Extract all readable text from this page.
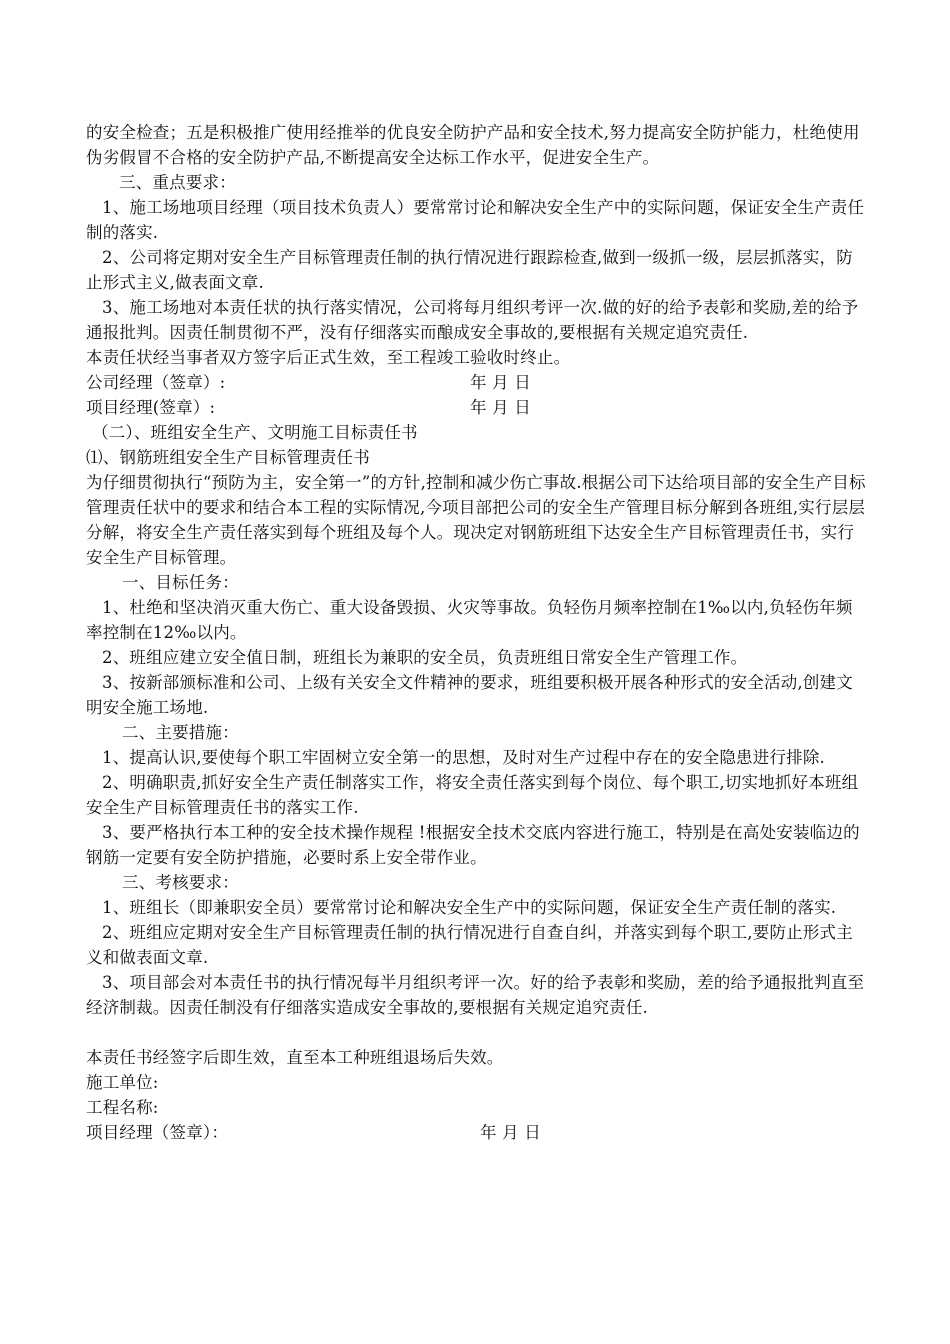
的安全检查；五是积极推广使用经推举的优良安全防护产品和安全技术,努力提高安全防护能力，杜绝使用伪劣假冒不合格的安全防护产品,不断提高安全达标工作水平，促进安全生产。

三、重点要求：

1、施工场地项目经理（项目技术负责人）要常常讨论和解决安全生产中的实际问题，保证安全生产责任制的落实.

2、公司将定期对安全生产目标管理责任制的执行情况进行跟踪检查,做到一级抓一级，层层抓落实，防止形式主义,做表面文章.

3、施工场地对本责任状的执行落实情况，公司将每月组织考评一次.做的好的给予表彰和奖励,差的给予通报批判。因责任制贯彻不严，没有仔细落实而酿成安全事故的,要根据有关规定追究责任.

本责任状经当事者双方签字后正式生效，至工程竣工验收时终止。

公司经理（签章）:	年 月 日
项目经理(签章）:	年 月 日

（二）、班组安全生产、文明施工目标责任书

⑴、钢筋班组安全生产目标管理责任书

为仔细贯彻执行“预防为主，安全第一”的方针,控制和减少伤亡事故.根据公司下达给项目部的安全生产目标管理责任状中的要求和结合本工程的实际情况,今项目部把公司的安全生产管理目标分解到各班组,实行层层分解，将安全生产责任落实到每个班组及每个人。现决定对钢筋班组下达安全生产目标管理责任书，实行安全生产目标管理。

一、目标任务：

1、杜绝和坚决消灭重大伤亡、重大设备毁损、火灾等事故。负轻伤月频率控制在1‰以内,负轻伤年频率控制在12‰以内。

2、班组应建立安全值日制，班组长为兼职的安全员，负责班组日常安全生产管理工作。

3、按新部颁标准和公司、上级有关安全文件精神的要求，班组要积极开展各种形式的安全活动,创建文明安全施工场地.

二、主要措施：

1、提高认识,要使每个职工牢固树立安全第一的思想，及时对生产过程中存在的安全隐患进行排除.

2、明确职责,抓好安全生产责任制落实工作，将安全责任落实到每个岗位、每个职工,切实地抓好本班组安全生产目标管理责任书的落实工作.

3、要严格执行本工种的安全技术操作规程 !根据安全技术交底内容进行施工，特别是在高处安装临边的钢筋一定要有安全防护措施，必要时系上安全带作业。

三、考核要求：

1、班组长（即兼职安全员）要常常讨论和解决安全生产中的实际问题，保证安全生产责任制的落实.

2、班组应定期对安全生产目标管理责任制的执行情况进行自查自纠，并落实到每个职工,要防止形式主义和做表面文章.

3、项目部会对本责任书的执行情况每半月组织考评一次。好的给予表彰和奖励，差的给予通报批判直至经济制裁。因责任制没有仔细落实造成安全事故的,要根据有关规定追究责任.

本责任书经签字后即生效，直至本工种班组退场后失效。

施工单位:

工程名称:

项目经理（签章）：	年 月 日
